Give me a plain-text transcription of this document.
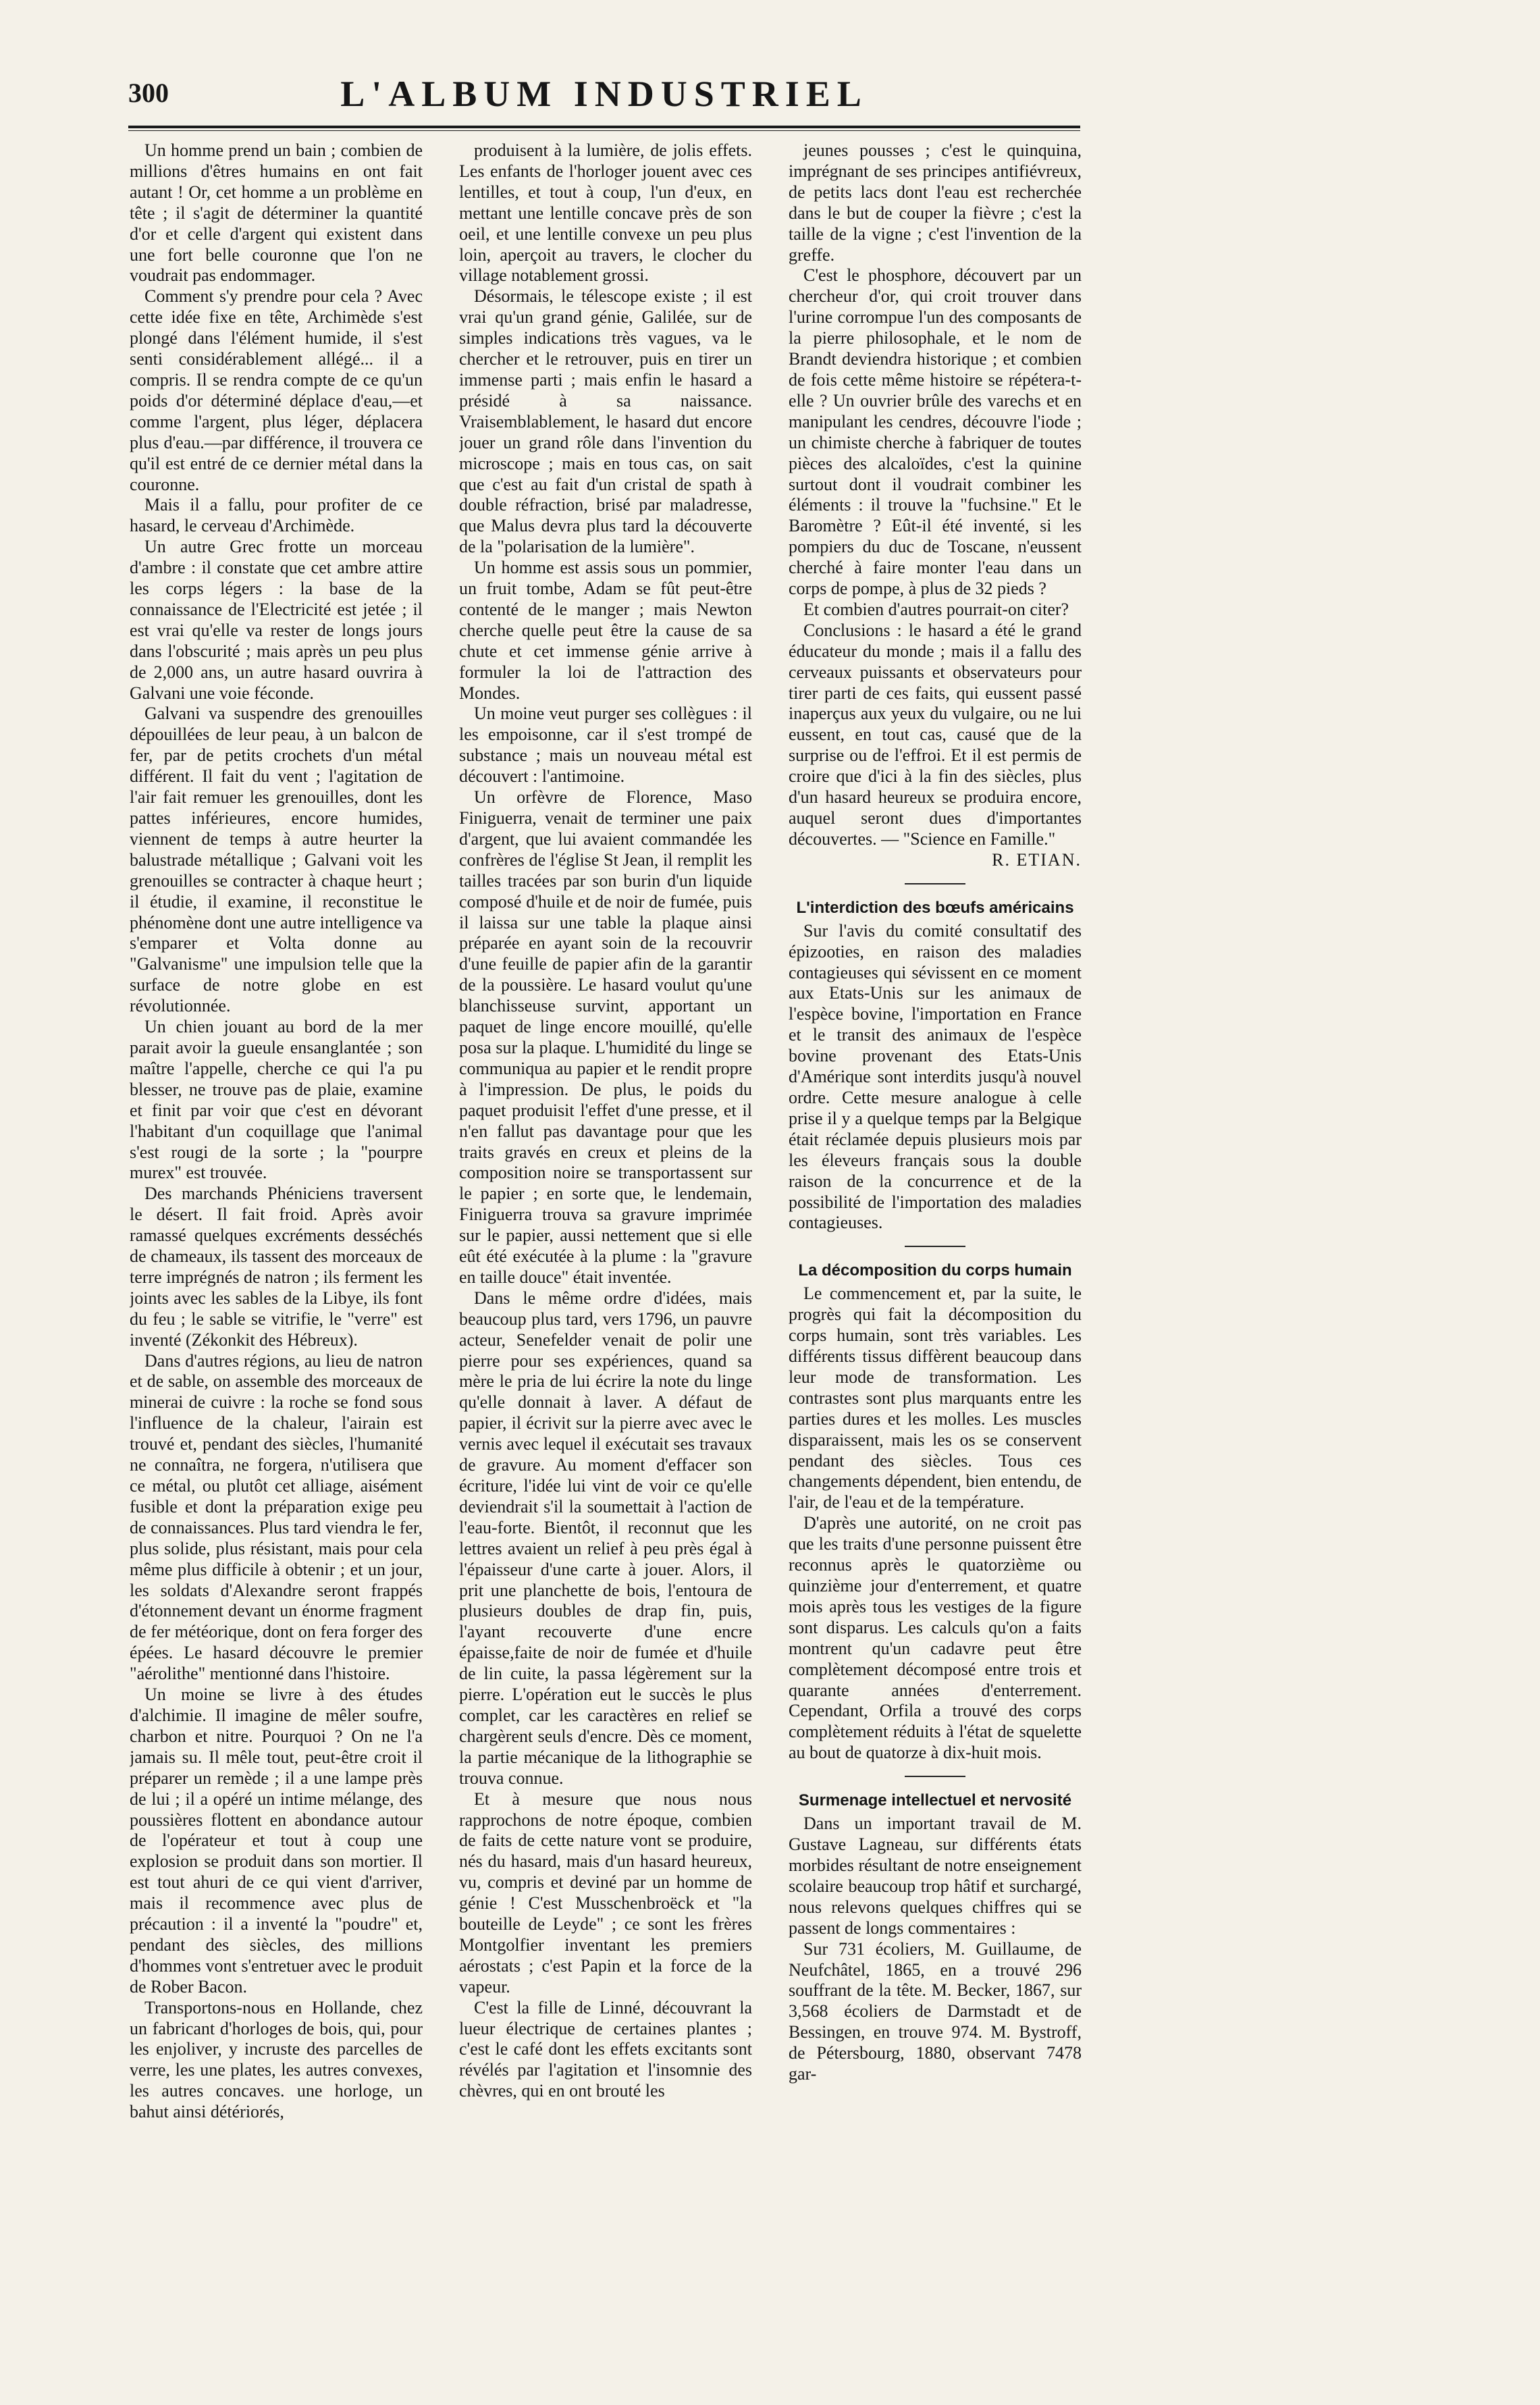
300	L'ALBUM INDUSTRIEL

Un homme prend un bain ; combien de millions d'êtres humains en ont fait autant ! Or, cet homme a un problème en tête ; il s'agit de déterminer la quantité d'or et celle d'argent qui existent dans une fort belle couronne que l'on ne voudrait pas endommager.

Comment s'y prendre pour cela ? Avec cette idée fixe en tête, Archimède s'est plongé dans l'élément humide, il s'est senti considérablement allégé... il a compris. Il se rendra compte de ce qu'un poids d'or déterminé déplace d'eau,—et comme l'argent, plus léger, déplacera plus d'eau.—par différence, il trouvera ce qu'il est entré de ce dernier métal dans la couronne.

Mais il a fallu, pour profiter de ce hasard, le cerveau d'Archimède.

Un autre Grec frotte un morceau d'ambre : il constate que cet ambre attire les corps légers : la base de la connaissance de l'Electricité est jetée ; il est vrai qu'elle va rester de longs jours dans l'obscurité ; mais après un peu plus de 2,000 ans, un autre hasard ouvrira à Galvani une voie féconde.

Galvani va suspendre des grenouilles dépouillées de leur peau, à un balcon de fer, par de petits crochets d'un métal différent. Il fait du vent ; l'agitation de l'air fait remuer les grenouilles, dont les pattes inférieures, encore humides, viennent de temps à autre heurter la balustrade métallique ; Galvani voit les grenouilles se contracter à chaque heurt ; il étudie, il examine, il reconstitue le phénomène dont une autre intelligence va s'emparer et Volta donne au "Galvanisme" une impulsion telle que la surface de notre globe en est révolutionnée.

Un chien jouant au bord de la mer parait avoir la gueule ensanglantée ; son maître l'appelle, cherche ce qui l'a pu blesser, ne trouve pas de plaie, examine et finit par voir que c'est en dévorant l'habitant d'un coquillage que l'animal s'est rougi de la sorte ; la "pourpre murex" est trouvée.

Des marchands Phéniciens traversent le désert. Il fait froid. Après avoir ramassé quelques excréments desséchés de chameaux, ils tassent des morceaux de terre imprégnés de natron ; ils ferment les joints avec les sables de la Libye, ils font du feu ; le sable se vitrifie, le "verre" est inventé (Zékonkit des Hébreux).

Dans d'autres régions, au lieu de natron et de sable, on assemble des morceaux de minerai de cuivre : la roche se fond sous l'influence de la chaleur, l'airain est trouvé et, pendant des siècles, l'humanité ne connaîtra, ne forgera, n'utilisera que ce métal, ou plutôt cet alliage, aisément fusible et dont la préparation exige peu de connaissances. Plus tard viendra le fer, plus solide, plus résistant, mais pour cela même plus difficile à obtenir ; et un jour, les soldats d'Alexandre seront frappés d'étonnement devant un énorme fragment de fer météorique, dont on fera forger des épées. Le hasard découvre le premier "aérolithe" mentionné dans l'histoire.

Un moine se livre à des études d'alchimie. Il imagine de mêler soufre, charbon et nitre. Pourquoi ? On ne l'a jamais su. Il mêle tout, peut-être croit il préparer un remède ; il a une lampe près de lui ; il a opéré un intime mélange, des poussières flottent en abondance autour de l'opérateur et tout à coup une explosion se produit dans son mortier. Il est tout ahuri de ce qui vient d'arriver, mais il recommence avec plus de précaution : il a inventé la "poudre" et, pendant des siècles, des millions d'hommes vont s'entretuer avec le produit de Rober Bacon.

Transportons-nous en Hollande, chez un fabricant d'horloges de bois, qui, pour les enjoliver, y incruste des parcelles de verre, les une plates, les autres convexes, les autres concaves. une horloge, un bahut ainsi détériorés,

produisent à la lumière, de jolis effets. Les enfants de l'horloger jouent avec ces lentilles, et tout à coup, l'un d'eux, en mettant une lentille concave près de son oeil, et une lentille convexe un peu plus loin, aperçoit au travers, le clocher du village notablement grossi.

Désormais, le télescope existe ; il est vrai qu'un grand génie, Galilée, sur de simples indications très vagues, va le chercher et le retrouver, puis en tirer un immense parti ; mais enfin le hasard a présidé à sa naissance. Vraisemblablement, le hasard dut encore jouer un grand rôle dans l'invention du microscope ; mais en tous cas, on sait que c'est au fait d'un cristal de spath à double réfraction, brisé par maladresse, que Malus devra plus tard la découverte de la "polarisation de la lumière".

Un homme est assis sous un pommier, un fruit tombe, Adam se fût peut-être contenté de le manger ; mais Newton cherche quelle peut être la cause de sa chute et cet immense génie arrive à formuler la loi de l'attraction des Mondes.

Un moine veut purger ses collègues : il les empoisonne, car il s'est trompé de substance ; mais un nouveau métal est découvert : l'antimoine.

Un orfèvre de Florence, Maso Finiguerra, venait de terminer une paix d'argent, que lui avaient commandée les confrères de l'église St Jean, il remplit les tailles tracées par son burin d'un liquide composé d'huile et de noir de fumée, puis il laissa sur une table la plaque ainsi préparée en ayant soin de la recouvrir d'une feuille de papier afin de la garantir de la poussière. Le hasard voulut qu'une blanchisseuse survint, apportant un paquet de linge encore mouillé, qu'elle posa sur la plaque. L'humidité du linge se communiqua au papier et le rendit propre à l'impression. De plus, le poids du paquet produisit l'effet d'une presse, et il n'en fallut pas davantage pour que les traits gravés en creux et pleins de la composition noire se transportassent sur le papier ; en sorte que, le lendemain, Finiguerra trouva sa gravure imprimée sur le papier, aussi nettement que si elle eût été exécutée à la plume : la "gravure en taille douce" était inventée.

Dans le même ordre d'idées, mais beaucoup plus tard, vers 1796, un pauvre acteur, Senefelder venait de polir une pierre pour ses expériences, quand sa mère le pria de lui écrire la note du linge qu'elle donnait à laver. A défaut de papier, il écrivit sur la pierre avec avec le vernis avec lequel il exécutait ses travaux de gravure. Au moment d'effacer son écriture, l'idée lui vint de voir ce qu'elle deviendrait s'il la soumettait à l'action de l'eau-forte. Bientôt, il reconnut que les lettres avaient un relief à peu près égal à l'épaisseur d'une carte à jouer. Alors, il prit une planchette de bois, l'entoura de plusieurs doubles de drap fin, puis, l'ayant recouverte d'une encre épaisse,faite de noir de fumée et d'huile de lin cuite, la passa légèrement sur la pierre. L'opération eut le succès le plus complet, car les caractères en relief se chargèrent seuls d'encre. Dès ce moment, la partie mécanique de la lithographie se trouva connue.

Et à mesure que nous nous rapprochons de notre époque, combien de faits de cette nature vont se produire, nés du hasard, mais d'un hasard heureux, vu, compris et deviné par un homme de génie ! C'est Musschenbroëck et "la bouteille de Leyde" ; ce sont les frères Montgolfier inventant les premiers aérostats ; c'est Papin et la force de la vapeur.

C'est la fille de Linné, découvrant la lueur électrique de certaines plantes ; c'est le café dont les effets excitants sont révélés par l'agitation et l'insomnie des chèvres, qui en ont brouté les

jeunes pousses ; c'est le quinquina, imprégnant de ses principes antifiévreux, de petits lacs dont l'eau est recherchée dans le but de couper la fièvre ; c'est la taille de la vigne ; c'est l'invention de la greffe.

C'est le phosphore, découvert par un chercheur d'or, qui croit trouver dans l'urine corrompue l'un des composants de la pierre philosophale, et le nom de Brandt deviendra historique ; et combien de fois cette même histoire se répétera-t-elle ? Un ouvrier brûle des varechs et en manipulant les cendres, découvre l'iode ; un chimiste cherche à fabriquer de toutes pièces des alcaloïdes, c'est la quinine surtout dont il voudrait combiner les éléments : il trouve la "fuchsine." Et le Baromètre ? Eût-il été inventé, si les pompiers du duc de Toscane, n'eussent cherché à faire monter l'eau dans un corps de pompe, à plus de 32 pieds ?

Et combien d'autres pourrait-on citer?

Conclusions : le hasard a été le grand éducateur du monde ; mais il a fallu des cerveaux puissants et observateurs pour tirer parti de ces faits, qui eussent passé inaperçus aux yeux du vulgaire, ou ne lui eussent, en tout cas, causé que de la surprise ou de l'effroi. Et il est permis de croire que d'ici à la fin des siècles, plus d'un hasard heureux se produira encore, auquel seront dues d'importantes découvertes. — "Science en Famille."

R. ETIAN.

L'interdiction des bœufs américains

Sur l'avis du comité consultatif des épizooties, en raison des maladies contagieuses qui sévissent en ce moment aux Etats-Unis sur les animaux de l'espèce bovine, l'importation en France et le transit des animaux de l'espèce bovine provenant des Etats-Unis d'Amérique sont interdits jusqu'à nouvel ordre. Cette mesure analogue à celle prise il y a quelque temps par la Belgique était réclamée depuis plusieurs mois par les éleveurs français sous la double raison de la concurrence et de la possibilité de l'importation des maladies contagieuses.

La décomposition du corps humain

Le commencement et, par la suite, le progrès qui fait la décomposition du corps humain, sont très variables. Les différents tissus diffèrent beaucoup dans leur mode de transformation. Les contrastes sont plus marquants entre les parties dures et les molles. Les muscles disparaissent, mais les os se conservent pendant des siècles. Tous ces changements dépendent, bien entendu, de l'air, de l'eau et de la température.

D'après une autorité, on ne croit pas que les traits d'une personne puissent être reconnus après le quatorzième ou quinzième jour d'enterrement, et quatre mois après tous les vestiges de la figure sont disparus. Les calculs qu'on a faits montrent qu'un cadavre peut être complètement décomposé entre trois et quarante années d'enterrement. Cependant, Orfila a trouvé des corps complètement réduits à l'état de squelette au bout de quatorze à dix-huit mois.

Surmenage intellectuel et nervosité

Dans un important travail de M. Gustave Lagneau, sur différents états morbides résultant de notre enseignement scolaire beaucoup trop hâtif et surchargé, nous relevons quelques chiffres qui se passent de longs commentaires :

Sur 731 écoliers, M. Guillaume, de Neufchâtel, 1865, en a trouvé 296 souffrant de la tête. M. Becker, 1867, sur 3,568 écoliers de Darmstadt et de Bessingen, en trouve 974. M. Bystroff, de Pétersbourg, 1880, observant 7478 gar-
